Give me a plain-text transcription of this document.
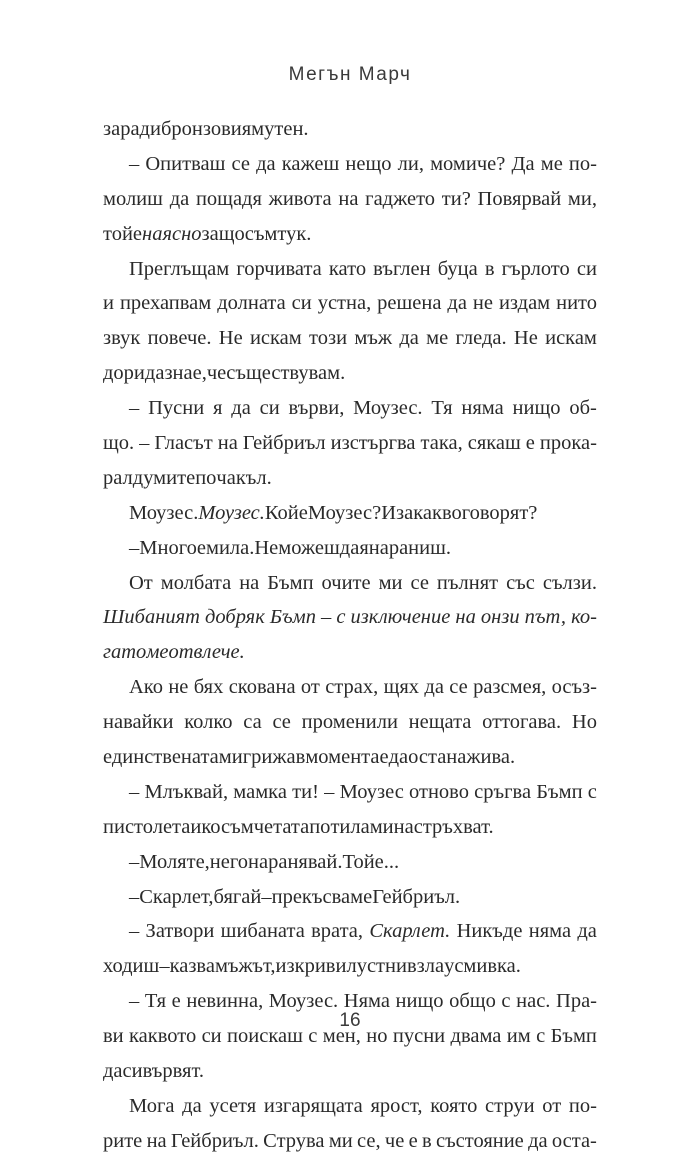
Мегън Марч
заради бронзовия му тен.
– Опитваш се да кажеш нещо ли, момиче? Да ме по-
молиш да пощадя живота на гаджето ти? Повярвай ми,
той е наясно защо съм тук.
Преглъщам горчивата като въглен буца в гърлото си
и прехапвам долната си устна, решена да не издам нито
звук повече. Не искам този мъж да ме гледа. Не искам
дори да знае, че съществувам.
– Пусни я да си върви, Моузес. Тя няма нищо об-
що. – Гласът на Гейбриъл изстъргва така, сякаш е прока-
рал думите по чакъл.
Моузес. Моузес. Кой е Моузес? И за какво говорят?
– Много е мила. Не можеш да я нараниш.
От молбата на Бъмп очите ми се пълнят със сълзи.
Шибаният добряк Бъмп – с изключение на онзи път, ко-
гато ме отвлече.
Ако не бях скована от страх, щях да се разсмея, осъз-
навайки колко са се променили нещата оттогава. Но
единствената ми грижа в момента е да остана жива.
– Млъквай, мамка ти! – Моузес отново сръгва Бъмп с
пистолета и косъмчетата по тила ми настръхват.
– Моля те, не го наранявай. Той е...
– Скарлет, бягай – прекъсва ме Гейбриъл.
– Затвори шибаната врата, Скарлет. Никъде няма да
ходиш – казва мъжът, изкривил устни в зла усмивка.
– Тя е невинна, Моузес. Няма нищо общо с нас. Пра-
ви каквото си поискаш с мен, но пусни двама им с Бъмп
да си вървят.
Мога да усетя изгарящата ярост, която струи от по-
рите на Гейбриъл. Струва ми се, че е в състояние да оста-
16
